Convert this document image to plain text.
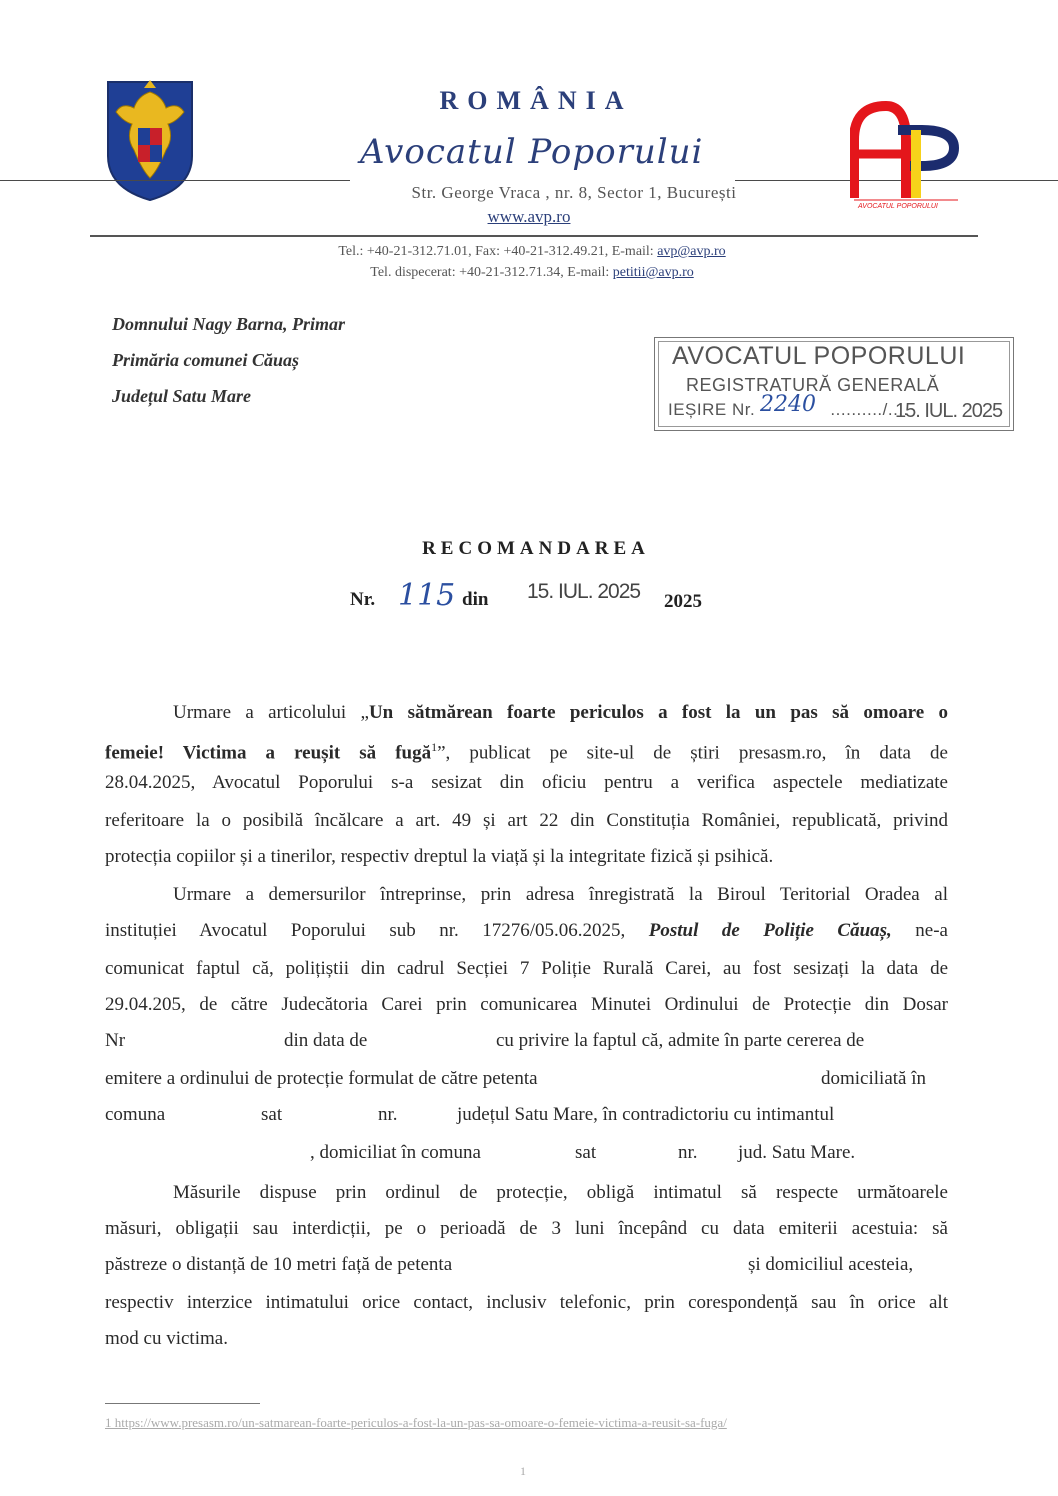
ROMÂNIA
Avocatul Poporului
Str. George Vraca , nr. 8, Sector 1, București
www.avp.ro
Tel.: +40-21-312.71.01, Fax: +40-21-312.49.21, E-mail: avp@avp.ro
Tel. dispecerat: +40-21-312.71.34, E-mail: petitii@avp.ro
AVOCATUL POPORULUI
Domnului Nagy Barna, Primar
Primăria comunei Căuaș
Județul Satu Mare
AVOCATUL POPORULUI
REGISTRATURĂ GENERALĂ
IEȘIRE Nr.	........../....
2240	15. IUL. 2025
RECOMANDAREA
Nr. 115 din 15. IUL. 2025 2025
Urmare a articolului „Un sătmărean foarte periculos a fost la un pas să omoare o
femeie! Victima a reușit să fugă$^1$”, publicat pe site-ul de știri presasm.ro, în data de
28.04.2025, Avocatul Poporului s-a sesizat din oficiu pentru a verifica aspectele mediatizate
referitoare la o posibilă încălcare a art. 49 și art 22 din Constituția României, republicată, privind
protecția copiilor și a tinerilor, respectiv dreptul la viață și la integritate fizică și psihică.
Urmare a demersurilor întreprinse, prin adresa înregistrată la Biroul Teritorial Oradea al
instituției Avocatul Poporului sub nr. 17276/05.06.2025, Postul de Poliție Căuaș, ne-a
comunicat faptul că, polițiștii din cadrul Secției 7 Poliție Rurală Carei, au fost sesizați la data de
29.04.205, de către Judecătoria Carei prin comunicarea Minutei Ordinului de Protecție din Dosar
Nr	din data de	cu privire la faptul că, admite în parte cererea de
emitere a ordinului de protecție formulat de către petenta	domiciliată în
comuna	sat	nr.	județul Satu Mare, în contradictoriu cu intimantul
, domiciliat în comuna	sat	nr. jud. Satu Mare.
Măsurile dispuse prin ordinul de protecție, obligă intimatul să respecte următoarele
măsuri, obligații sau interdicții, pe o perioadă de 3 luni începând cu data emiterii acestuia: să
păstreze o distanță de 10 metri față de petenta	și domiciliul acesteia,
respectiv interzice intimatului orice contact, inclusiv telefonic, prin corespondență sau în orice alt
mod cu victima.
1 https://www.presasm.ro/un-satmarean-foarte-periculos-a-fost-la-un-pas-sa-omoare-o-femeie-victima-a-reusit-sa-fuga/
1
